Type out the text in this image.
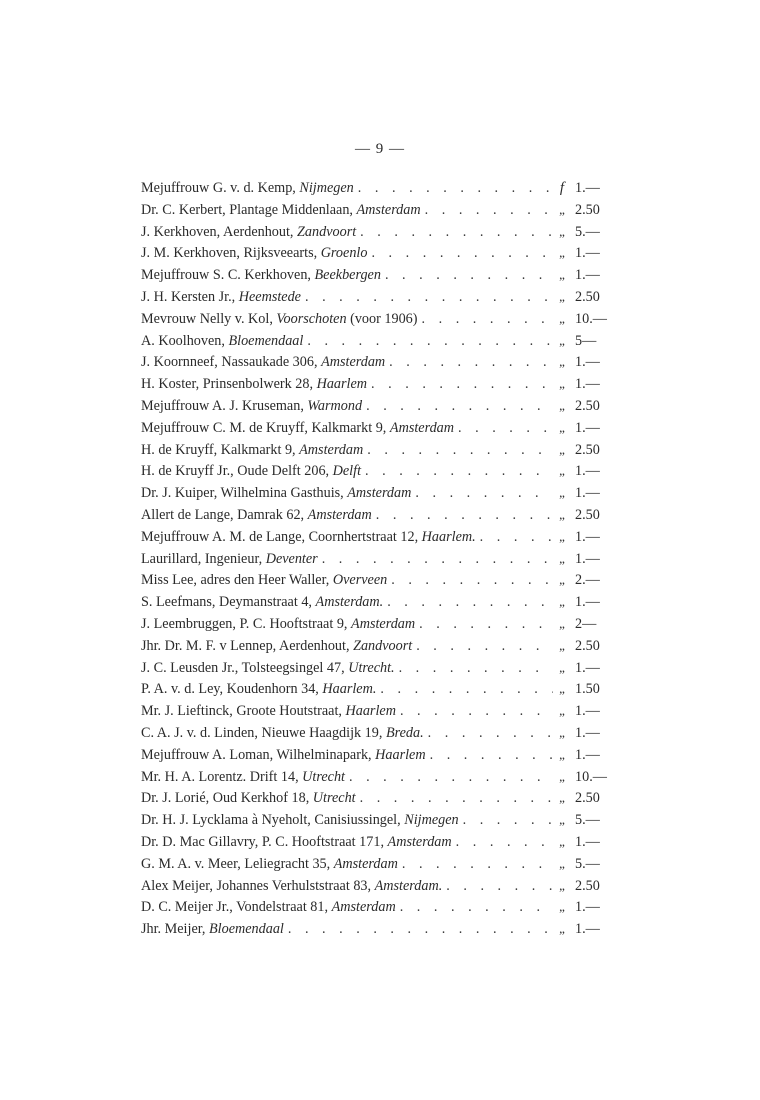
— 9 —
Mejuffrouw G. v. d. Kemp, Nijmegen . . .	f 1.—
Dr. C. Kerbert, Plantage Middenlaan, Amsterdam . . .	„ 2.50
J. Kerkhoven, Aerdenhout, Zandvoort . . .	„ 5.—
J. M. Kerkhoven, Rijksveearts, Groenlo . . .	„ 1.—
Mejuffrouw S. C. Kerkhoven, Beekbergen . . .	„ 1.—
J. H. Kersten Jr., Heemstede . . .	„ 2.50
Mevrouw Nelly v. Kol, Voorschoten (voor 1906) . . .	„ 10.—
A. Koolhoven, Bloemendaal . . .	„ 5—
J. Koornneef, Nassaukade 306, Amsterdam . . .	„ 1.—
H. Koster, Prinsenbolwerk 28, Haarlem . . .	„ 1.—
Mejuffrouw A. J. Kruseman, Warmond . . .	„ 2.50
Mejuffrouw C. M. de Kruyff, Kalkmarkt 9, Amsterdam . . .	„ 1.—
H. de Kruyff, Kalkmarkt 9, Amsterdam . . .	„ 2.50
H. de Kruyff Jr., Oude Delft 206, Delft . . .	„ 1.—
Dr. J. Kuiper, Wilhelmina Gasthuis, Amsterdam . . .	„ 1.—
Allert de Lange, Damrak 62, Amsterdam . . .	„ 2.50
Mejuffrouw A. M. de Lange, Coornhertstraat 12, Haarlem. . . .	„ 1.—
Laurillard, Ingenieur, Deventer . . .	„ 1.—
Miss Lee, adres den Heer Waller, Overveen . . .	„ 2.—
S. Leefmans, Deymanstraat 4, Amsterdam. . . .	„ 1.—
J. Leembruggen, P. C. Hooftstraat 9, Amsterdam . . .	„ 2—
Jhr. Dr. M. F. v Lennep, Aerdenhout, Zandvoort . . .	„ 2.50
J. C. Leusden Jr., Tolsteegsingel 47, Utrecht. . . .	„ 1.—
P. A. v. d. Ley, Koudenhorn 34, Haarlem. . . .	„ 1.50
Mr. J. Lieftinck, Groote Houtstraat, Haarlem . . .	„ 1.—
C. A. J. v. d. Linden, Nieuwe Haagdijk 19, Breda. . . .	„ 1.—
Mejuffrouw A. Loman, Wilhelminapark, Haarlem . . .	„ 1.—
Mr. H. A. Lorentz. Drift 14, Utrecht . . .	„ 10.—
Dr. J. Lorié, Oud Kerkhof 18, Utrecht . . .	„ 2.50
Dr. H. J. Lycklama à Nyeholt, Canisiussingel, Nijmegen . . .	„ 5.—
Dr. D. Mac Gillavry, P. C. Hooftstraat 171, Amsterdam . . .	„ 1.—
G. M. A. v. Meer, Leliegracht 35, Amsterdam . . .	„ 5.—
Alex Meijer, Johannes Verhulststraat 83, Amsterdam. . . .	„ 2.50
D. C. Meijer Jr., Vondelstraat 81, Amsterdam . . .	„ 1.—
Jhr. Meijer, Bloemendaal . . .	„ 1.—
